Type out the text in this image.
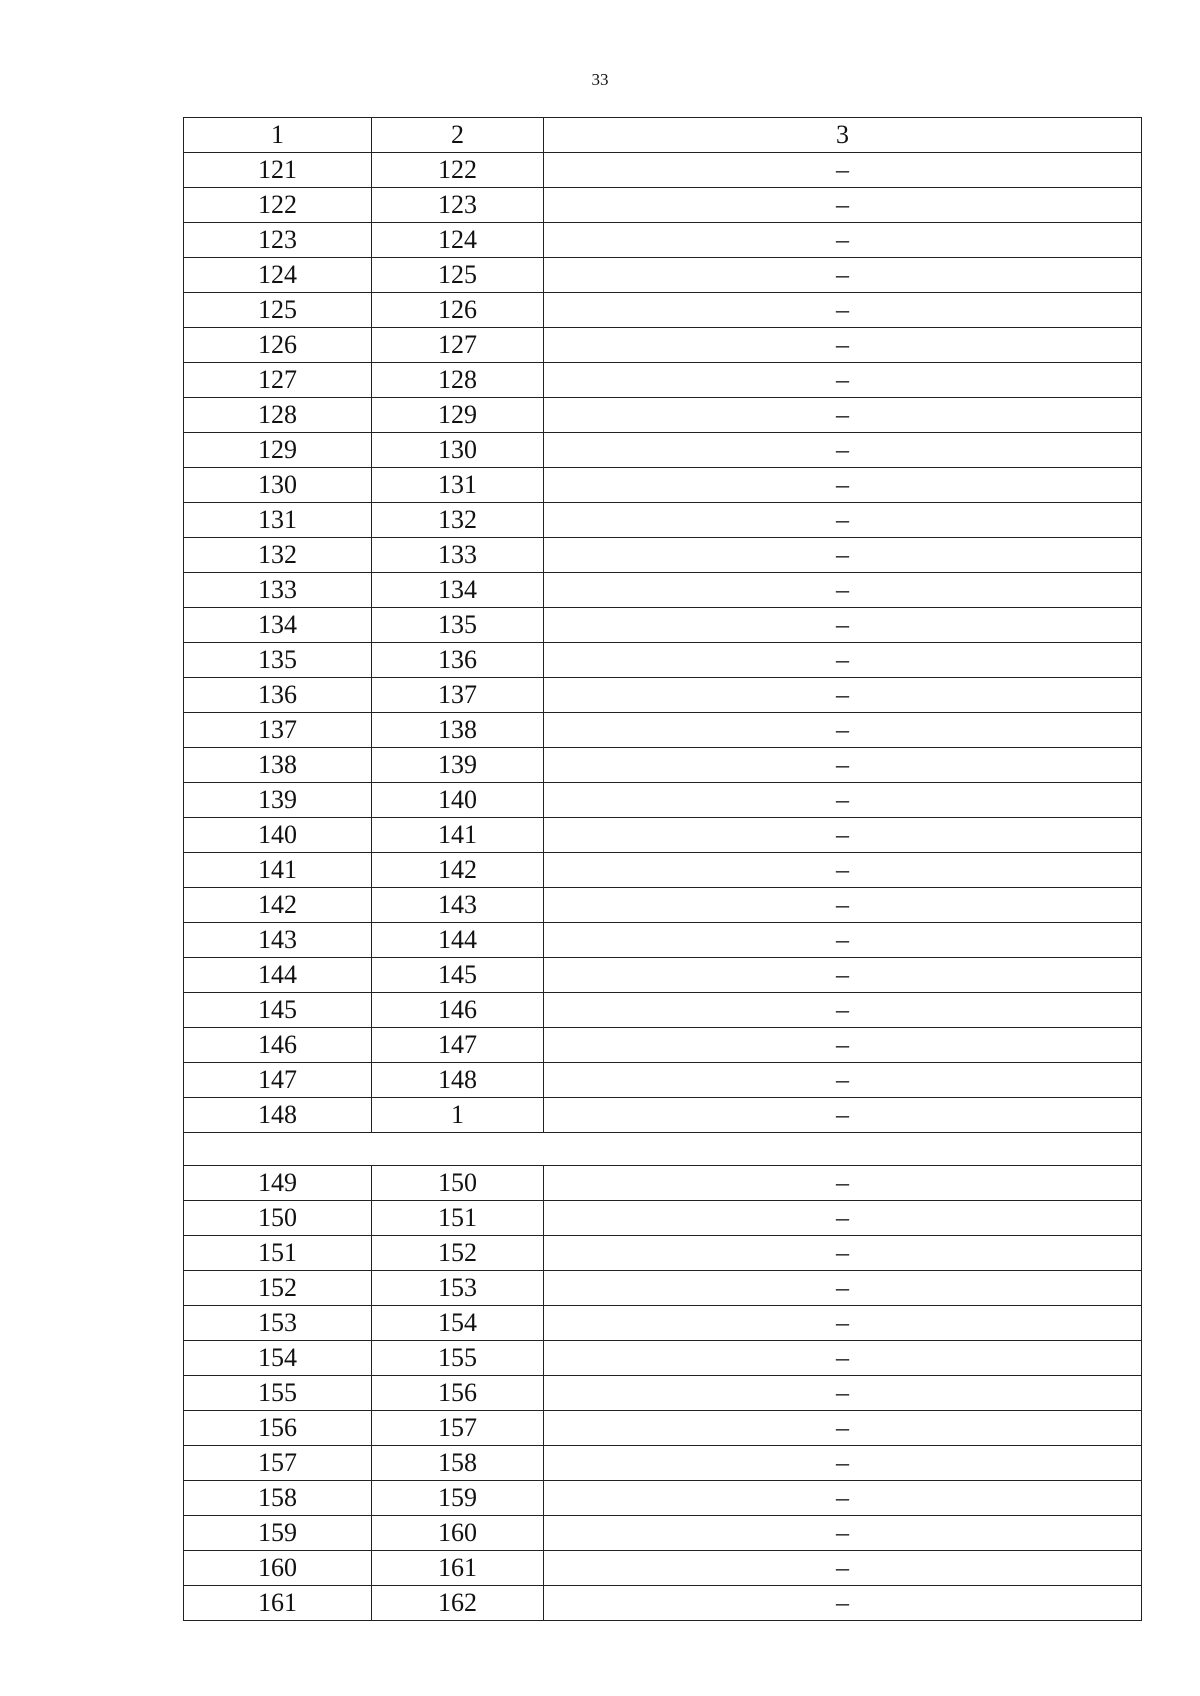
33
1	2	3
121	122	–
122	123	–
123	124	–
124	125	–
125	126	–
126	127	–
127	128	–
128	129	–
129	130	–
130	131	–
131	132	–
132	133	–
133	134	–
134	135	–
135	136	–
136	137	–
137	138	–
138	139	–
139	140	–
140	141	–
141	142	–
142	143	–
143	144	–
144	145	–
145	146	–
146	147	–
147	148	–
148	1	–

149	150	–
150	151	–
151	152	–
152	153	–
153	154	–
154	155	–
155	156	–
156	157	–
157	158	–
158	159	–
159	160	–
160	161	–
161	162	–
